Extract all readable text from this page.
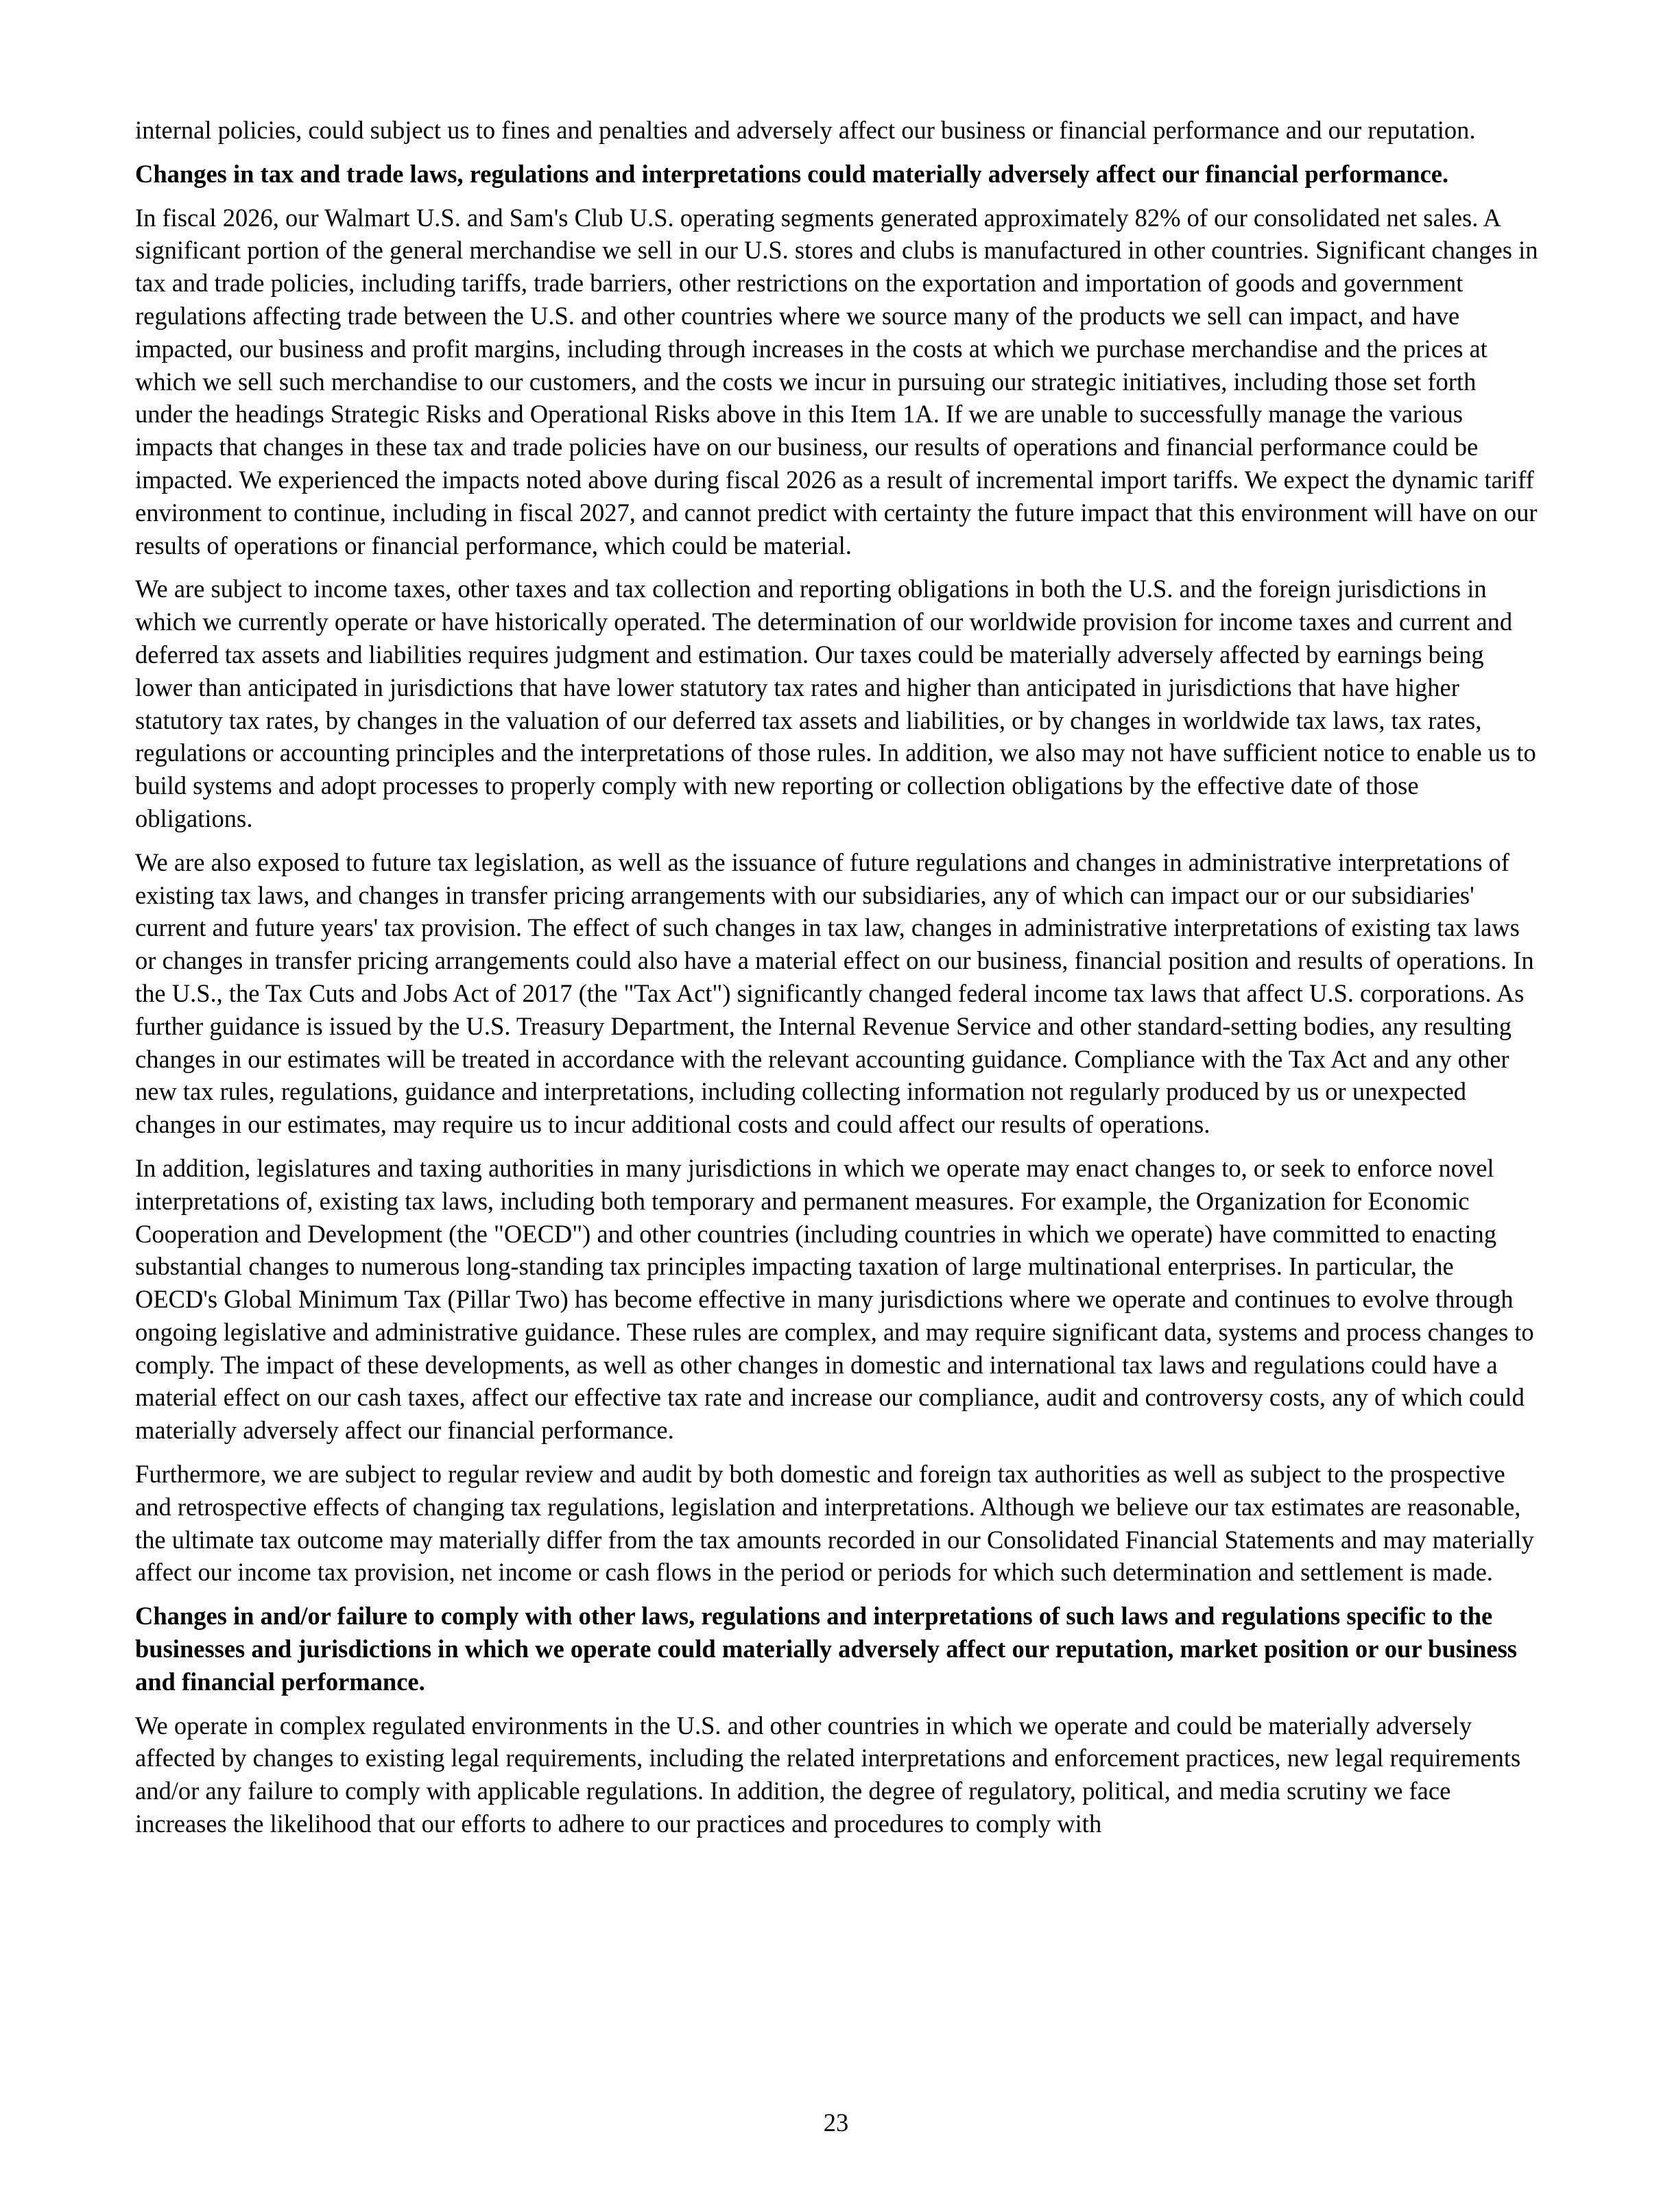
internal policies, could subject us to fines and penalties and adversely affect our business or financial performance and our reputation.

Changes in tax and trade laws, regulations and interpretations could materially adversely affect our financial performance.

In fiscal 2026, our Walmart U.S. and Sam's Club U.S. operating segments generated approximately 82% of our consolidated net sales. A significant portion of the general merchandise we sell in our U.S. stores and clubs is manufactured in other countries. Significant changes in tax and trade policies, including tariffs, trade barriers, other restrictions on the exportation and importation of goods and government regulations affecting trade between the U.S. and other countries where we source many of the products we sell can impact, and have impacted, our business and profit margins, including through increases in the costs at which we purchase merchandise and the prices at which we sell such merchandise to our customers, and the costs we incur in pursuing our strategic initiatives, including those set forth under the headings Strategic Risks and Operational Risks above in this Item 1A. If we are unable to successfully manage the various impacts that changes in these tax and trade policies have on our business, our results of operations and financial performance could be impacted. We experienced the impacts noted above during fiscal 2026 as a result of incremental import tariffs. We expect the dynamic tariff environment to continue, including in fiscal 2027, and cannot predict with certainty the future impact that this environment will have on our results of operations or financial performance, which could be material.

We are subject to income taxes, other taxes and tax collection and reporting obligations in both the U.S. and the foreign jurisdictions in which we currently operate or have historically operated. The determination of our worldwide provision for income taxes and current and deferred tax assets and liabilities requires judgment and estimation. Our taxes could be materially adversely affected by earnings being lower than anticipated in jurisdictions that have lower statutory tax rates and higher than anticipated in jurisdictions that have higher statutory tax rates, by changes in the valuation of our deferred tax assets and liabilities, or by changes in worldwide tax laws, tax rates, regulations or accounting principles and the interpretations of those rules. In addition, we also may not have sufficient notice to enable us to build systems and adopt processes to properly comply with new reporting or collection obligations by the effective date of those obligations.

We are also exposed to future tax legislation, as well as the issuance of future regulations and changes in administrative interpretations of existing tax laws, and changes in transfer pricing arrangements with our subsidiaries, any of which can impact our or our subsidiaries' current and future years' tax provision. The effect of such changes in tax law, changes in administrative interpretations of existing tax laws or changes in transfer pricing arrangements could also have a material effect on our business, financial position and results of operations. In the U.S., the Tax Cuts and Jobs Act of 2017 (the "Tax Act") significantly changed federal income tax laws that affect U.S. corporations. As further guidance is issued by the U.S. Treasury Department, the Internal Revenue Service and other standard-setting bodies, any resulting changes in our estimates will be treated in accordance with the relevant accounting guidance. Compliance with the Tax Act and any other new tax rules, regulations, guidance and interpretations, including collecting information not regularly produced by us or unexpected changes in our estimates, may require us to incur additional costs and could affect our results of operations.

In addition, legislatures and taxing authorities in many jurisdictions in which we operate may enact changes to, or seek to enforce novel interpretations of, existing tax laws, including both temporary and permanent measures. For example, the Organization for Economic Cooperation and Development (the "OECD") and other countries (including countries in which we operate) have committed to enacting substantial changes to numerous long-standing tax principles impacting taxation of large multinational enterprises. In particular, the OECD's Global Minimum Tax (Pillar Two) has become effective in many jurisdictions where we operate and continues to evolve through ongoing legislative and administrative guidance. These rules are complex, and may require significant data, systems and process changes to comply. The impact of these developments, as well as other changes in domestic and international tax laws and regulations could have a material effect on our cash taxes, affect our effective tax rate and increase our compliance, audit and controversy costs, any of which could materially adversely affect our financial performance.

Furthermore, we are subject to regular review and audit by both domestic and foreign tax authorities as well as subject to the prospective and retrospective effects of changing tax regulations, legislation and interpretations. Although we believe our tax estimates are reasonable, the ultimate tax outcome may materially differ from the tax amounts recorded in our Consolidated Financial Statements and may materially affect our income tax provision, net income or cash flows in the period or periods for which such determination and settlement is made.

Changes in and/or failure to comply with other laws, regulations and interpretations of such laws and regulations specific to the businesses and jurisdictions in which we operate could materially adversely affect our reputation, market position or our business and financial performance.

We operate in complex regulated environments in the U.S. and other countries in which we operate and could be materially adversely affected by changes to existing legal requirements, including the related interpretations and enforcement practices, new legal requirements and/or any failure to comply with applicable regulations. In addition, the degree of regulatory, political, and media scrutiny we face increases the likelihood that our efforts to adhere to our practices and procedures to comply with

23
